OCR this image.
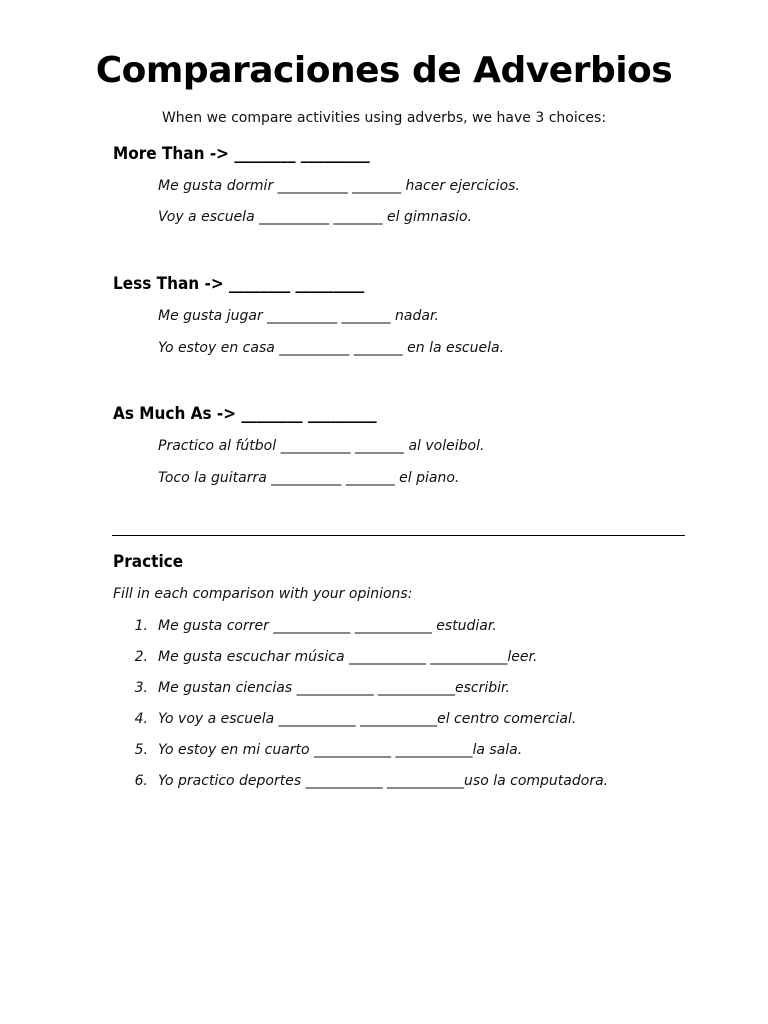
Comparaciones de Adverbios
When we compare activities using adverbs, we have 3 choices:
More Than -> ________ _________
Me gusta dormir __________ _______ hacer ejercicios.
Voy a escuela __________ _______ el gimnasio.
Less Than -> ________ _________
Me gusta jugar __________ _______ nadar.
Yo estoy en casa __________ _______ en la escuela.
As Much As -> ________ _________
Practico al fútbol __________ _______ al voleibol.
Toco la guitarra __________ _______ el piano.
Practice
Fill in each comparison with your opinions:
1. Me gusta correr ___________ ___________ estudiar.
2. Me gusta escuchar música ___________ ___________leer.
3. Me gustan ciencias ___________ ___________escribir.
4. Yo voy a escuela ___________ ___________el centro comercial.
5. Yo estoy en mi cuarto ___________ ___________la sala.
6. Yo practico deportes ___________ ___________uso la computadora.
